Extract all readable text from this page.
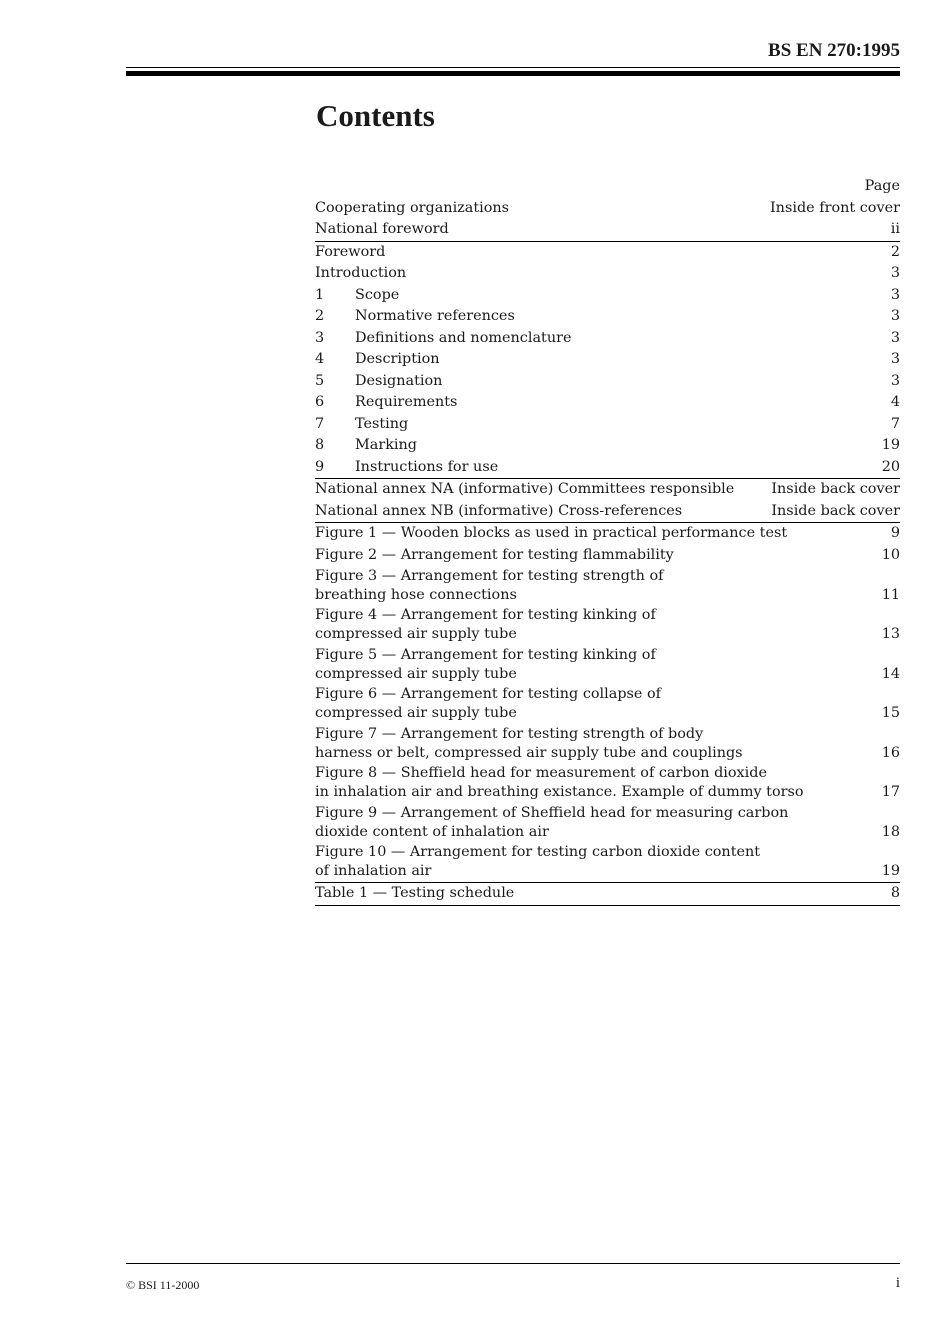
BS EN 270:1995
Contents
Page
Cooperating organizations	Inside front cover
National foreword	ii
Foreword	2
Introduction	3
1 Scope	3
2 Normative references	3
3 Definitions and nomenclature	3
4 Description	3
5 Designation	3
6 Requirements	4
7 Testing	7
8 Marking	19
9 Instructions for use	20
National annex NA (informative) Committees responsible	Inside back cover
National annex NB (informative) Cross-references	Inside back cover
Figure 1 — Wooden blocks as used in practical performance test	9
Figure 2 — Arrangement for testing flammability	10
Figure 3 — Arrangement for testing strength of
breathing hose connections	11
Figure 4 — Arrangement for testing kinking of
compressed air supply tube	13
Figure 5 — Arrangement for testing kinking of
compressed air supply tube	14
Figure 6 — Arrangement for testing collapse of
compressed air supply tube	15
Figure 7 — Arrangement for testing strength of body
harness or belt, compressed air supply tube and couplings	16
Figure 8 — Sheffield head for measurement of carbon dioxide
in inhalation air and breathing existance. Example of dummy torso	17
Figure 9 — Arrangement of Sheffield head for measuring carbon
dioxide content of inhalation air	18
Figure 10 — Arrangement for testing carbon dioxide content
of inhalation air	19
Table 1 — Testing schedule	8
© BSI 11-2000	i
